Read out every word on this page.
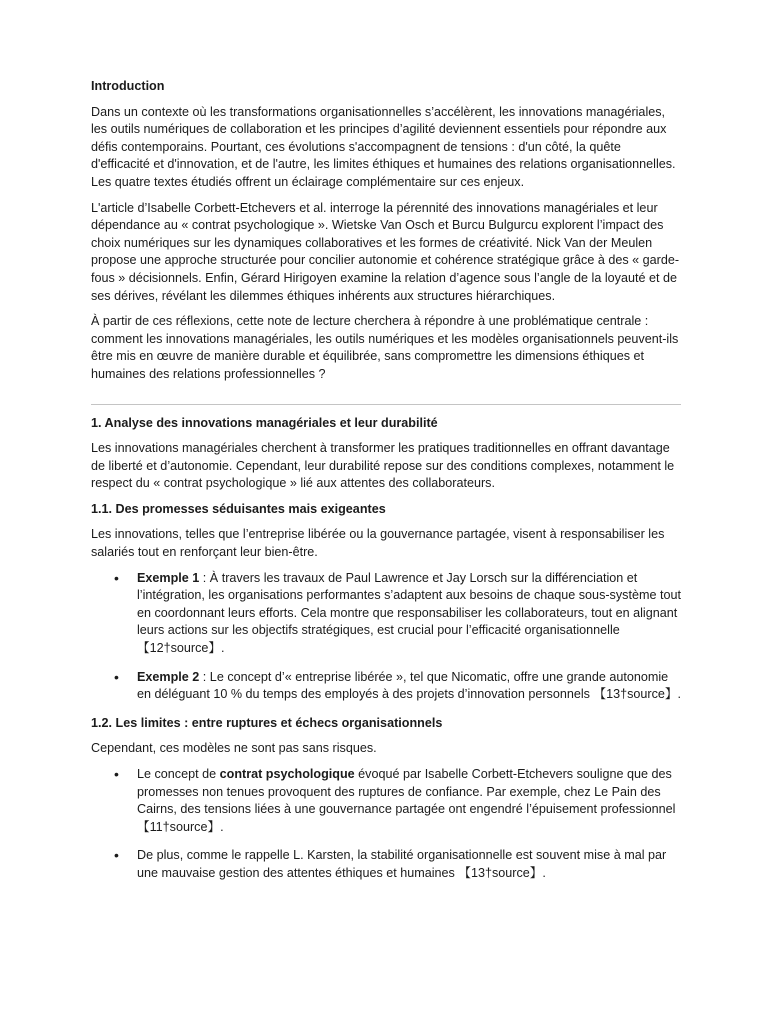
Introduction

Dans un contexte où les transformations organisationnelles s’accélèrent, les innovations managériales, les outils numériques de collaboration et les principes d’agilité deviennent essentiels pour répondre aux défis contemporains. Pourtant, ces évolutions s'accompagnent de tensions : d'un côté, la quête d'efficacité et d'innovation, et de l'autre, les limites éthiques et humaines des relations organisationnelles. Les quatre textes étudiés offrent un éclairage complémentaire sur ces enjeux.

L'article d’Isabelle Corbett-Etchevers et al. interroge la pérennité des innovations managériales et leur dépendance au « contrat psychologique ». Wietske Van Osch et Burcu Bulgurcu explorent l’impact des choix numériques sur les dynamiques collaboratives et les formes de créativité. Nick Van der Meulen propose une approche structurée pour concilier autonomie et cohérence stratégique grâce à des « garde-fous » décisionnels. Enfin, Gérard Hirigoyen examine la relation d’agence sous l’angle de la loyauté et de ses dérives, révélant les dilemmes éthiques inhérents aux structures hiérarchiques.

À partir de ces réflexions, cette note de lecture cherchera à répondre à une problématique centrale : comment les innovations managériales, les outils numériques et les modèles organisationnels peuvent-ils être mis en œuvre de manière durable et équilibrée, sans compromettre les dimensions éthiques et humaines des relations professionnelles ?

1. Analyse des innovations managériales et leur durabilité

Les innovations managériales cherchent à transformer les pratiques traditionnelles en offrant davantage de liberté et d’autonomie. Cependant, leur durabilité repose sur des conditions complexes, notamment le respect du « contrat psychologique » lié aux attentes des collaborateurs.

1.1. Des promesses séduisantes mais exigeantes

Les innovations, telles que l’entreprise libérée ou la gouvernance partagée, visent à responsabiliser les salariés tout en renforçant leur bien-être.

• Exemple 1 : À travers les travaux de Paul Lawrence et Jay Lorsch sur la différenciation et l’intégration, les organisations performantes s’adaptent aux besoins de chaque sous-système tout en coordonnant leurs efforts. Cela montre que responsabiliser les collaborateurs, tout en alignant leurs actions sur les objectifs stratégiques, est crucial pour l’efficacité organisationnelle 【12†source】.
• Exemple 2 : Le concept d’« entreprise libérée », tel que Nicomatic, offre une grande autonomie en déléguant 10 % du temps des employés à des projets d’innovation personnels 【13†source】.

1.2. Les limites : entre ruptures et échecs organisationnels

Cependant, ces modèles ne sont pas sans risques.

• Le concept de contrat psychologique évoqué par Isabelle Corbett-Etchevers souligne que des promesses non tenues provoquent des ruptures de confiance. Par exemple, chez Le Pain des Cairns, des tensions liées à une gouvernance partagée ont engendré l’épuisement professionnel 【11†source】.
• De plus, comme le rappelle L. Karsten, la stabilité organisationnelle est souvent mise à mal par une mauvaise gestion des attentes éthiques et humaines 【13†source】.
